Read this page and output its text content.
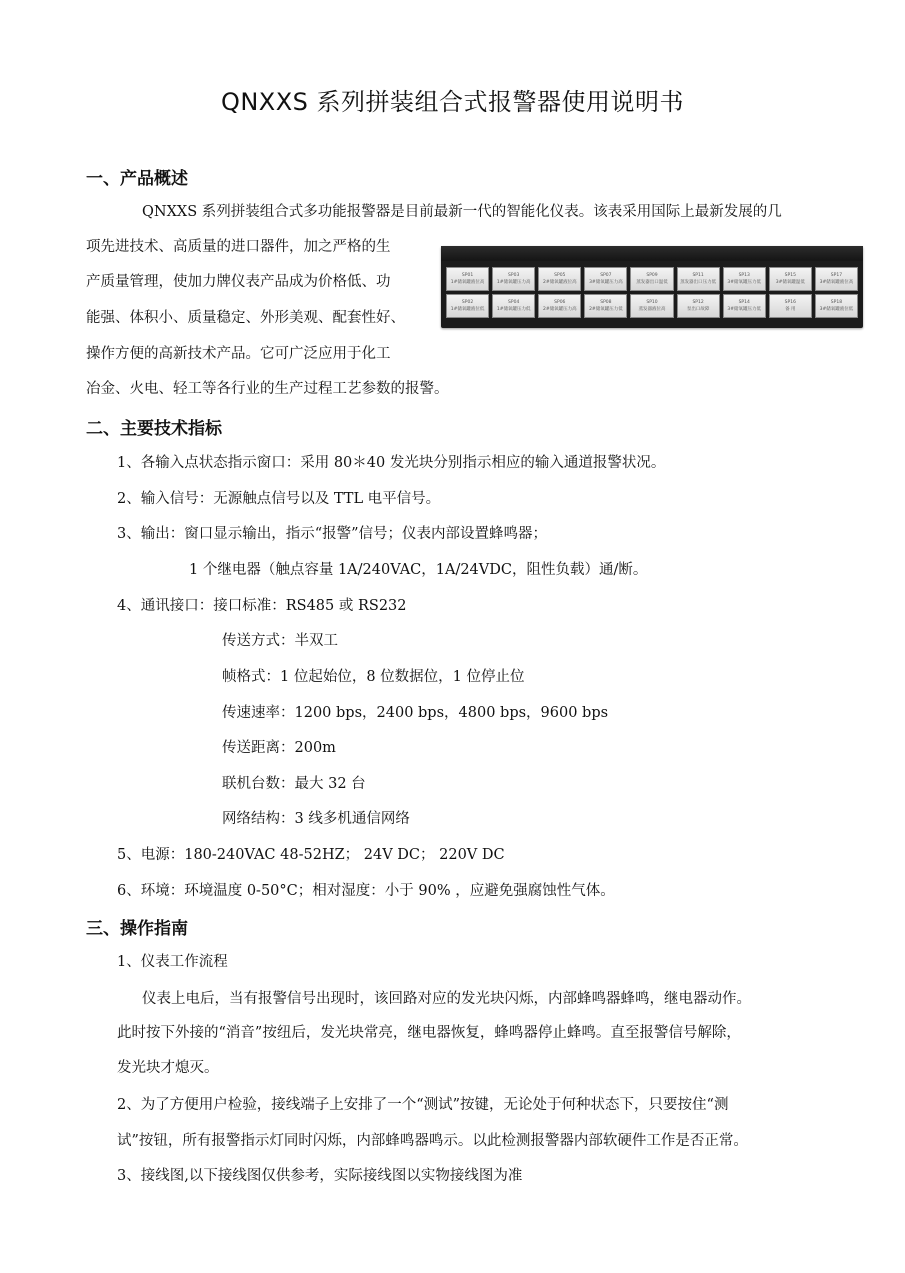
QNXXS 系列拼装组合式报警器使用说明书
一、产品概述
QNXXS 系列拼装组合式多功能报警器是目前最新一代的智能化仪表。该表采用国际上最新发展的几
项先进技术、高质量的进口器件，加之严格的生
产质量管理，使加力牌仪表产品成为价格低、功
能强、体积小、质量稳定、外形美观、配套性好、
操作方便的高新技术产品。它可广泛应用于化工
冶金、火电、轻工等各行业的生产过程工艺参数的报警。
SP01
1#储氧罐液位高
SP03
1#储氧罐压力高
SP05
2#储氧罐液位高
SP07
3#储氧罐压力高
SP09
蒸发器出口温低
SP11
蒸发器出口压力低
SP13
3#储氧罐压力低
SP15
3#储氧罐温低
SP17
3#储氧罐液位高
SP02
1#储氧罐液位低
SP04
1#储氧罐压力低
SP06
2#储氧罐压力高
SP08
2#储氧罐压力低
SP10
蒸发器液位高
SP12
泵出口故障
SP14
3#储氧罐压力低
SP16
备 用
SP18
3#储氧罐液位低
二、主要技术指标
1、各输入点状态指示窗口：采用 80＊40 发光块分别指示相应的输入通道报警状况。
2、输入信号：无源触点信号以及 TTL 电平信号。
3、输出：窗口显示输出，指示“报警”信号；仪表内部设置蜂鸣器；
1 个继电器（触点容量 1A/240VAC，1A/24VDC，阻性负载）通/断。
4、通讯接口：接口标准：RS485 或 RS232
传送方式：半双工
帧格式：1 位起始位，8 位数据位，1 位停止位
传速速率：1200 bps，2400 bps，4800 bps，9600 bps
传送距离：200m
联机台数：最大 32 台
网络结构：3 线多机通信网络
5、电源：180-240VAC 48-52HZ； 24V DC； 220V DC
6、环境：环境温度 0-50°C；相对湿度：小于 90% ，应避免强腐蚀性气体。
三、操作指南
1、仪表工作流程
仪表上电后，当有报警信号出现时，该回路对应的发光块闪烁，内部蜂鸣器蜂鸣，继电器动作。
此时按下外接的“消音”按纽后，发光块常亮，继电器恢复，蜂鸣器停止蜂鸣。直至报警信号解除，
发光块才熄灭。
2、为了方便用户检验，接线端子上安排了一个“测试”按键，无论处于何种状态下，只要按住“测
试”按钮，所有报警指示灯同时闪烁，内部蜂鸣器鸣示。以此检测报警器内部软硬件工作是否正常。
3、接线图,以下接线图仅供参考，实际接线图以实物接线图为准
